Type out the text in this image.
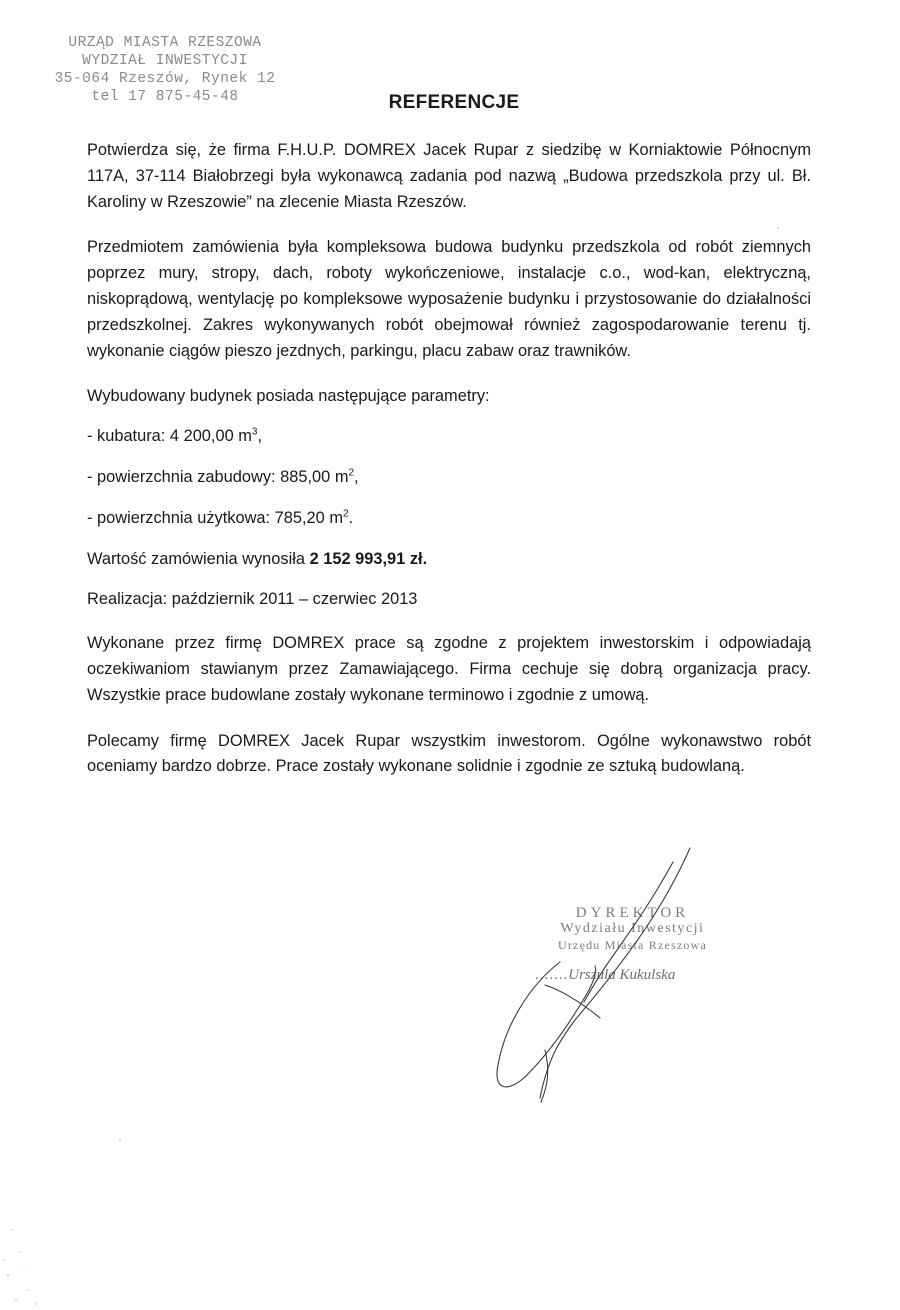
URZĄD MIASTA RZESZOWA
WYDZIAŁ INWESTYCJI
35-064 Rzeszów, Rynek 12
tel 17 875-45-48	REFERENCJE

Potwierdza się, że firma F.H.U.P. DOMREX Jacek Rupar z siedzibę w Korniaktowie Północnym 117A, 37-114 Białobrzegi była wykonawcą zadania pod nazwą „Budowa przedszkola przy ul. Bł. Karoliny w Rzeszowie” na zlecenie Miasta Rzeszów.

Przedmiotem zamówienia była kompleksowa budowa budynku przedszkola od robót ziemnych poprzez mury, stropy, dach, roboty wykończeniowe, instalacje c.o., wod-kan, elektryczną, niskoprądową, wentylację po kompleksowe wyposażenie budynku i przystosowanie do działalności przedszkolnej. Zakres wykonywanych robót obejmował również zagospodarowanie terenu tj. wykonanie ciągów pieszo jezdnych, parkingu, placu zabaw oraz trawników.

Wybudowany budynek posiada następujące parametry:

- kubatura: 4 200,00 $m^3$,

- powierzchnia zabudowy: 885,00 $m^2$,

- powierzchnia użytkowa: 785,20 $m^2$.

Wartość zamówienia wynosiła 2 152 993,91 zł.

Realizacja: październik 2011 – czerwiec 2013

Wykonane przez firmę DOMREX prace są zgodne z projektem inwestorskim i odpowiadają oczekiwaniom stawianym przez Zamawiającego. Firma cechuje się dobrą organizacja pracy. Wszystkie prace budowlane zostały wykonane terminowo i zgodnie z umową.

Polecamy firmę DOMREX Jacek Rupar wszystkim inwestorom. Ogólne wykonawstwo robót oceniamy bardzo dobrze. Prace zostały wykonane solidnie i zgodnie ze sztuką budowlaną.

DYREKTOR
Wydziału Inwestycji
Urzędu Miasta Rzeszowa
.......Urszula Kukulska
